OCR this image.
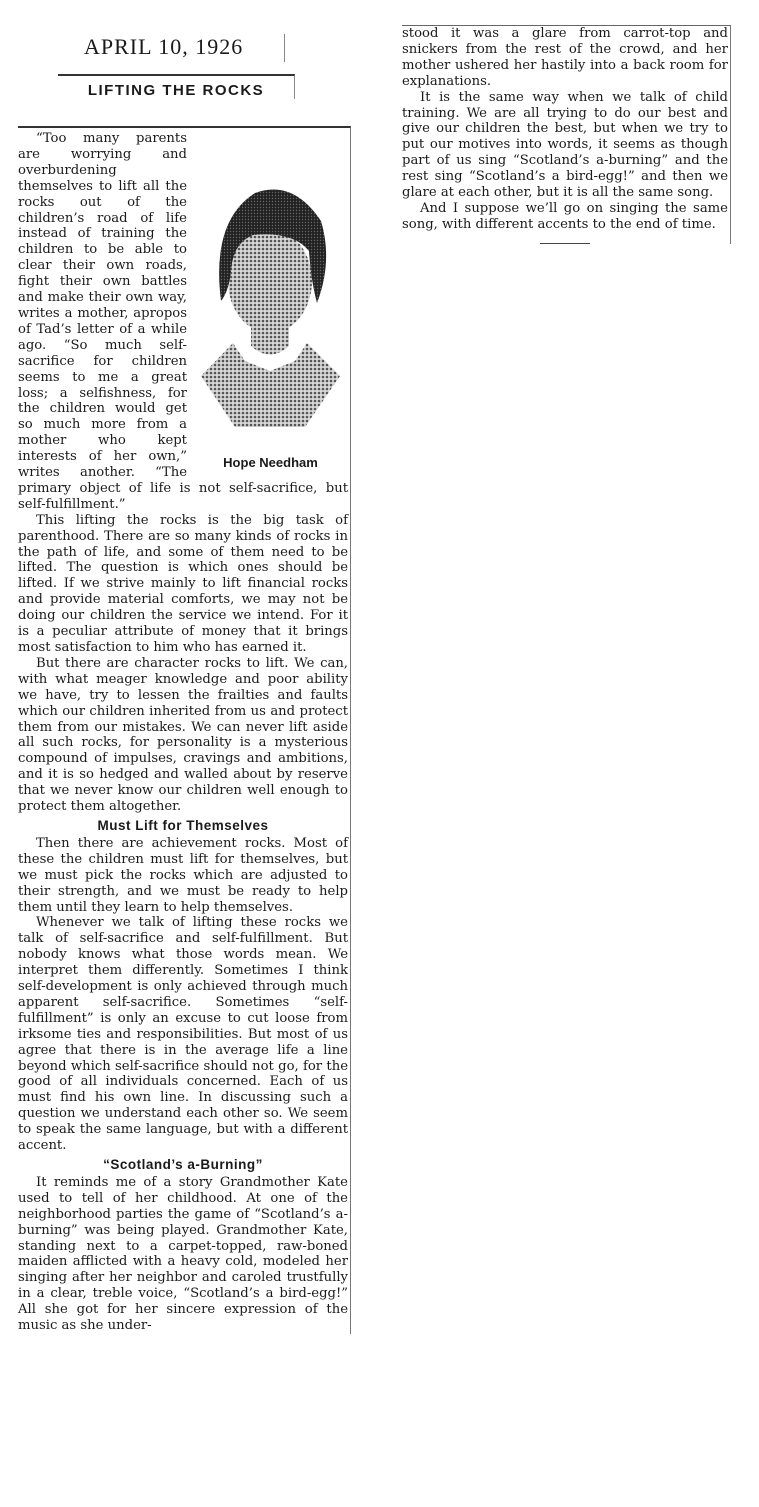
APRIL 10, 1926
LIFTING THE ROCKS
Hope Needham

“Too many parents are worrying and overburdening themselves to lift all the rocks out of the children’s road of life instead of training the children to be able to clear their own roads, fight their own battles and make their own way, writes a mother, apropos of Tad’s letter of a while ago. “So much self-sacrifice for children seems to me a great loss; a selfishness, for the children would get so much more from a mother who kept interests of her own,” writes another. “The primary object of life is not self-sacrifice, but self-fulfillment.”

This lifting the rocks is the big task of parenthood. There are so many kinds of rocks in the path of life, and some of them need to be lifted. The question is which ones should be lifted. If we strive mainly to lift financial rocks and provide material comforts, we may not be doing our children the service we intend. For it is a peculiar attribute of money that it brings most satisfaction to him who has earned it.

But there are character rocks to lift. We can, with what meager knowledge and poor ability we have, try to lessen the frailties and faults which our children inherited from us and protect them from our mistakes. We can never lift aside all such rocks, for personality is a mysterious compound of impulses, cravings and ambitions, and it is so hedged and walled about by reserve that we never know our children well enough to protect them altogether.

Must Lift for Themselves

Then there are achievement rocks. Most of these the children must lift for themselves, but we must pick the rocks which are adjusted to their strength, and we must be ready to help them until they learn to help themselves.

Whenever we talk of lifting these rocks we talk of self-sacrifice and self-fulfillment. But nobody knows what those words mean. We interpret them differently. Sometimes I think self-development is only achieved through much apparent self-sacrifice. Sometimes “self-fulfillment” is only an excuse to cut loose from irksome ties and responsibilities. But most of us agree that there is in the average life a line beyond which self-sacrifice should not go, for the good of all individuals concerned. Each of us must find his own line. In discussing such a question we understand each other so. We seem to speak the same language, but with a different accent.

“Scotland’s a-Burning”

It reminds me of a story Grandmother Kate used to tell of her childhood. At one of the neighborhood parties the game of “Scotland’s a-burning” was being played. Grandmother Kate, standing next to a carpet-topped, raw-boned maiden afflicted with a heavy cold, modeled her singing after her neighbor and caroled trustfully in a clear, treble voice, “Scotland’s a bird-egg!” All she got for her sincere expression of the music as she under-

stood it was a glare from carrot-top and snickers from the rest of the crowd, and her mother ushered her hastily into a back room for explanations.

It is the same way when we talk of child training. We are all trying to do our best and give our children the best, but when we try to put our motives into words, it seems as though part of us sing “Scotland’s a-burning” and the rest sing “Scotland’s a bird-egg!” and then we glare at each other, but it is all the same song.

And I suppose we’ll go on singing the same song, with different accents to the end of time.
